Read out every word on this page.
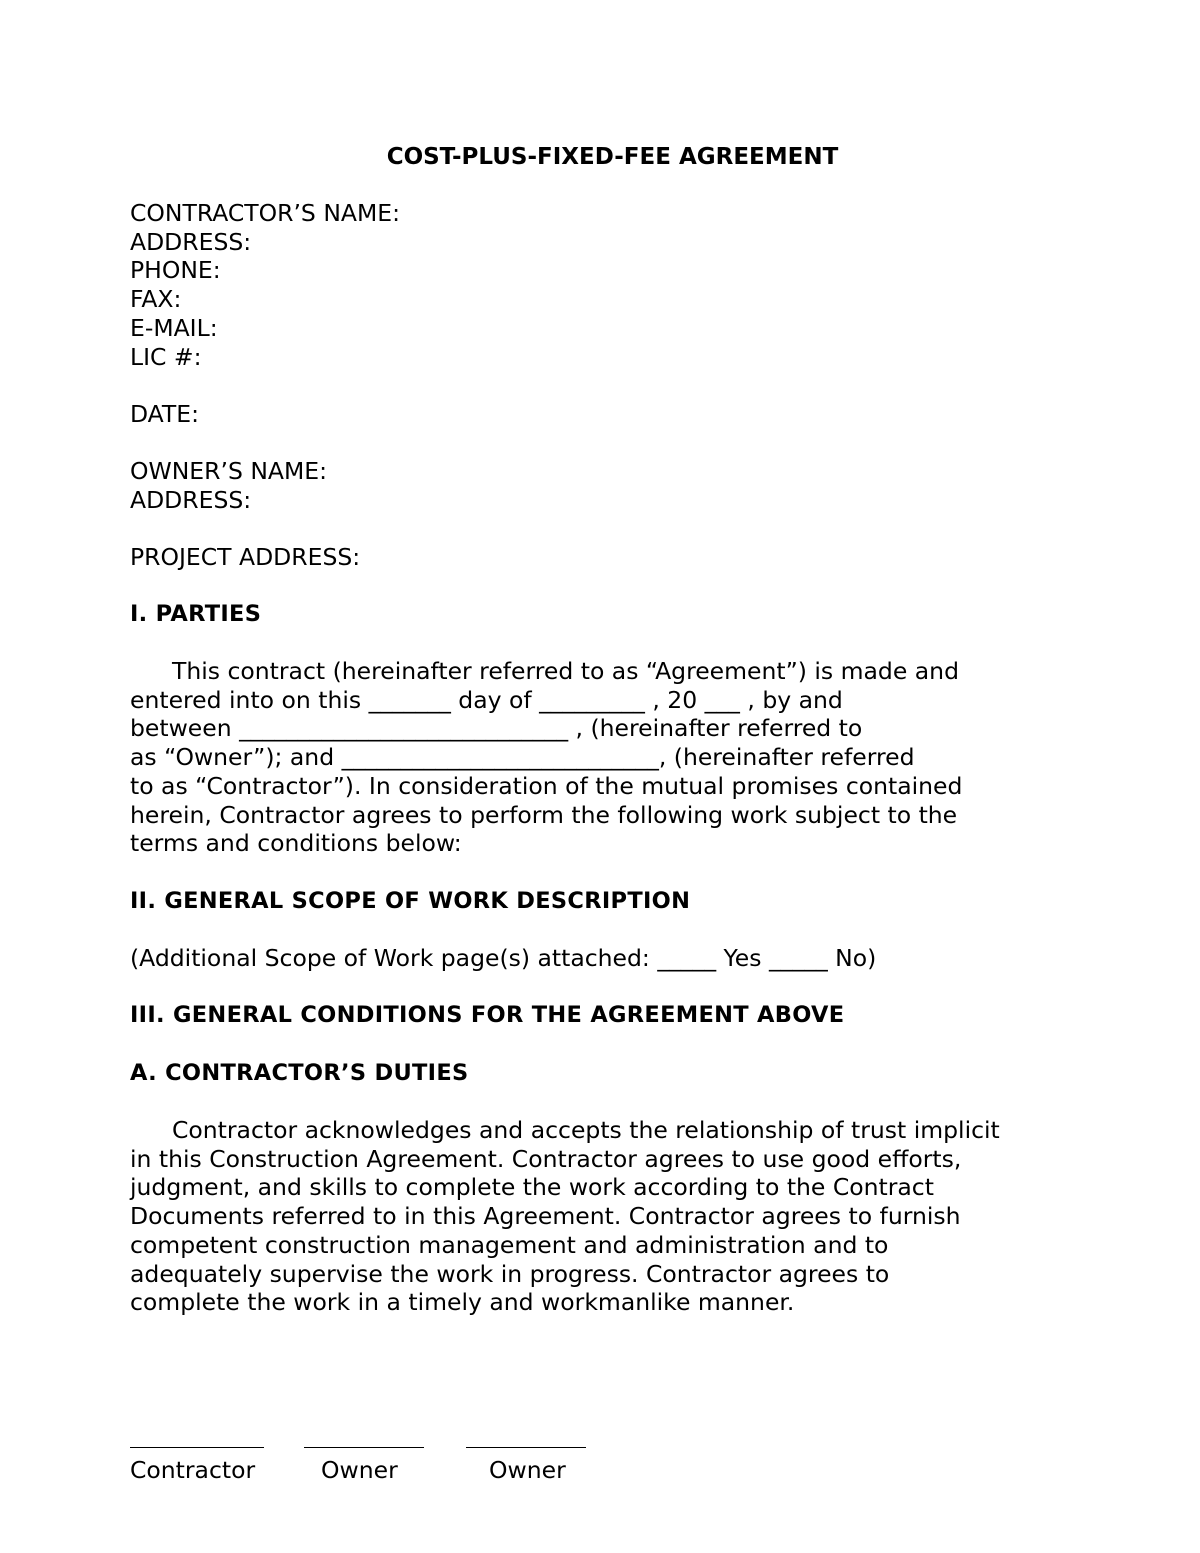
COST-PLUS-FIXED-FEE AGREEMENT
CONTRACTOR’S NAME:
ADDRESS:
PHONE:
FAX:
E-MAIL:
LIC #:
DATE:
OWNER’S NAME:
ADDRESS:
PROJECT ADDRESS:
I. PARTIES
This contract (hereinafter referred to as “Agreement”) is made and
entered into on this _______ day of _________ , 20 ___ , by and
between ____________________________ , (hereinafter referred to
as “Owner”); and ___________________________, (hereinafter referred
to as “Contractor”). In consideration of the mutual promises contained
herein, Contractor agrees to perform the following work subject to the
terms and conditions below:
II. GENERAL SCOPE OF WORK DESCRIPTION
(Additional Scope of Work page(s) attached: _____ Yes _____ No)
III. GENERAL CONDITIONS FOR THE AGREEMENT ABOVE
A. CONTRACTOR’S DUTIES
Contractor acknowledges and accepts the relationship of trust implicit
in this Construction Agreement. Contractor agrees to use good efforts,
judgment, and skills to complete the work according to the Contract
Documents referred to in this Agreement. Contractor agrees to furnish
competent construction management and administration and to
adequately supervise the work in progress. Contractor agrees to
complete the work in a timely and workmanlike manner.
Contractor	Owner	Owner
